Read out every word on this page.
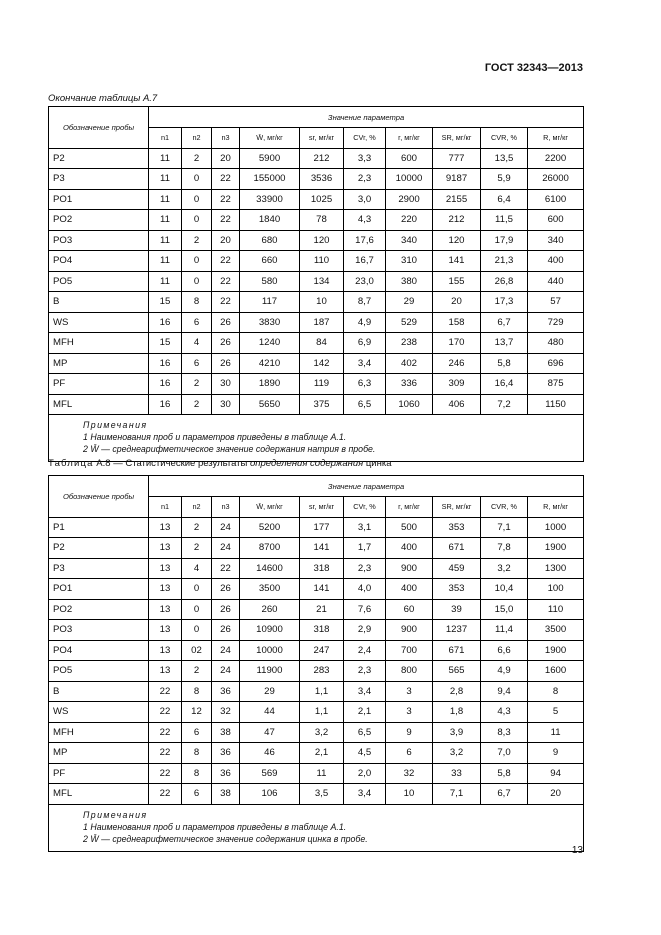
ГОСТ 32343—2013
Окончание таблицы А.7
Обозначение пробы	Значение параметра									
	n1	n2	n3	W̄, мг/кг	sr, мг/кг	CVr, %	r, мг/кг	SR, мг/кг	CVR, %	R, мг/кг
P2	11	2	20	5900	212	3,3	600	777	13,5	2200
P3	11	0	22	155000	3536	2,3	10000	9187	5,9	26000
PO1	11	0	22	33900	1025	3,0	2900	2155	6,4	6100
PO2	11	0	22	1840	78	4,3	220	212	11,5	600
PO3	11	2	20	680	120	17,6	340	120	17,9	340
PO4	11	0	22	660	110	16,7	310	141	21,3	400
PO5	11	0	22	580	134	23,0	380	155	26,8	440
B	15	8	22	117	10	8,7	29	20	17,3	57
WS	16	6	26	3830	187	4,9	529	158	6,7	729
MFH	15	4	26	1240	84	6,9	238	170	13,7	480
MP	16	6	26	4210	142	3,4	402	246	5,8	696
PF	16	2	30	1890	119	6,3	336	309	16,4	875
MFL	16	2	30	5650	375	6,5	1060	406	7,2	1150

Примечания
1 Наименования проб и параметров приведены в таблице А.1.
2 W̄ — среднеарифметическое значение содержания натрия в пробе.										
Таблица А.8 — Статистические результаты определения содержания цинка
Обозначение пробы	Значение параметра									
	n1	n2	n3	W̄, мг/кг	sr, мг/кг	CVr, %	r, мг/кг	SR, мг/кг	CVR, %	R, мг/кг
P1	13	2	24	5200	177	3,1	500	353	7,1	1000
P2	13	2	24	8700	141	1,7	400	671	7,8	1900
P3	13	4	22	14600	318	2,3	900	459	3,2	1300
PO1	13	0	26	3500	141	4,0	400	353	10,4	100
PO2	13	0	26	260	21	7,6	60	39	15,0	110
PO3	13	0	26	10900	318	2,9	900	1237	11,4	3500
PO4	13	02	24	10000	247	2,4	700	671	6,6	1900
PO5	13	2	24	11900	283	2,3	800	565	4,9	1600
B	22	8	36	29	1,1	3,4	3	2,8	9,4	8
WS	22	12	32	44	1,1	2,1	3	1,8	4,3	5
MFH	22	6	38	47	3,2	6,5	9	3,9	8,3	11
MP	22	8	36	46	2,1	4,5	6	3,2	7,0	9
PF	22	8	36	569	11	2,0	32	33	5,8	94
MFL	22	6	38	106	3,5	3,4	10	7,1	6,7	20

Примечания
1 Наименования проб и параметров приведены в таблице А.1.
2 W̄ — среднеарифметическое значение содержания цинка в пробе.										
13
